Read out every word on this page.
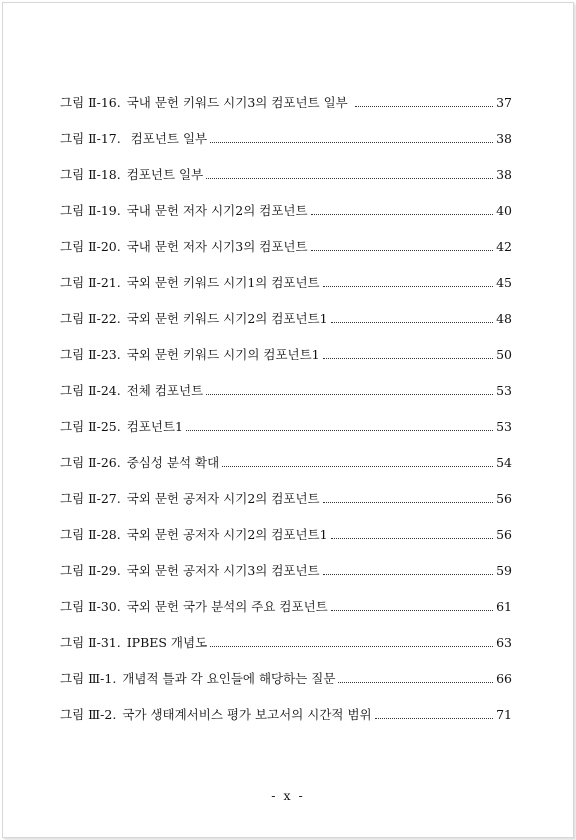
그림 Ⅱ-16. 국내 문헌 키워드 시기3의 컴포넌트 일부	37
그림 Ⅱ-17. 컴포넌트 일부	38
그림 Ⅱ-18. 컴포넌트 일부	38
그림 Ⅱ-19. 국내 문헌 저자 시기2의 컴포넌트	40
그림 Ⅱ-20. 국내 문헌 저자 시기3의 컴포넌트	42
그림 Ⅱ-21. 국외 문헌 키워드 시기1의 컴포넌트	45
그림 Ⅱ-22. 국외 문헌 키워드 시기2의 컴포넌트1	48
그림 Ⅱ-23. 국외 문헌 키워드 시기의 컴포넌트1	50
그림 Ⅱ-24. 전체 컴포넌트	53
그림 Ⅱ-25. 컴포넌트1	53
그림 Ⅱ-26. 중심성 분석 확대	54
그림 Ⅱ-27. 국외 문헌 공저자 시기2의 컴포넌트	56
그림 Ⅱ-28. 국외 문헌 공저자 시기2의 컴포넌트1	56
그림 Ⅱ-29. 국외 문헌 공저자 시기3의 컴포넌트	59
그림 Ⅱ-30. 국외 문헌 국가 분석의 주요 컴포넌트	61
그림 Ⅱ-31. IPBES 개념도	63
그림 Ⅲ-1. 개념적 틀과 각 요인들에 해당하는 질문	66
그림 Ⅲ-2. 국가 생태계서비스 평가 보고서의 시간적 범위	71
- x -
